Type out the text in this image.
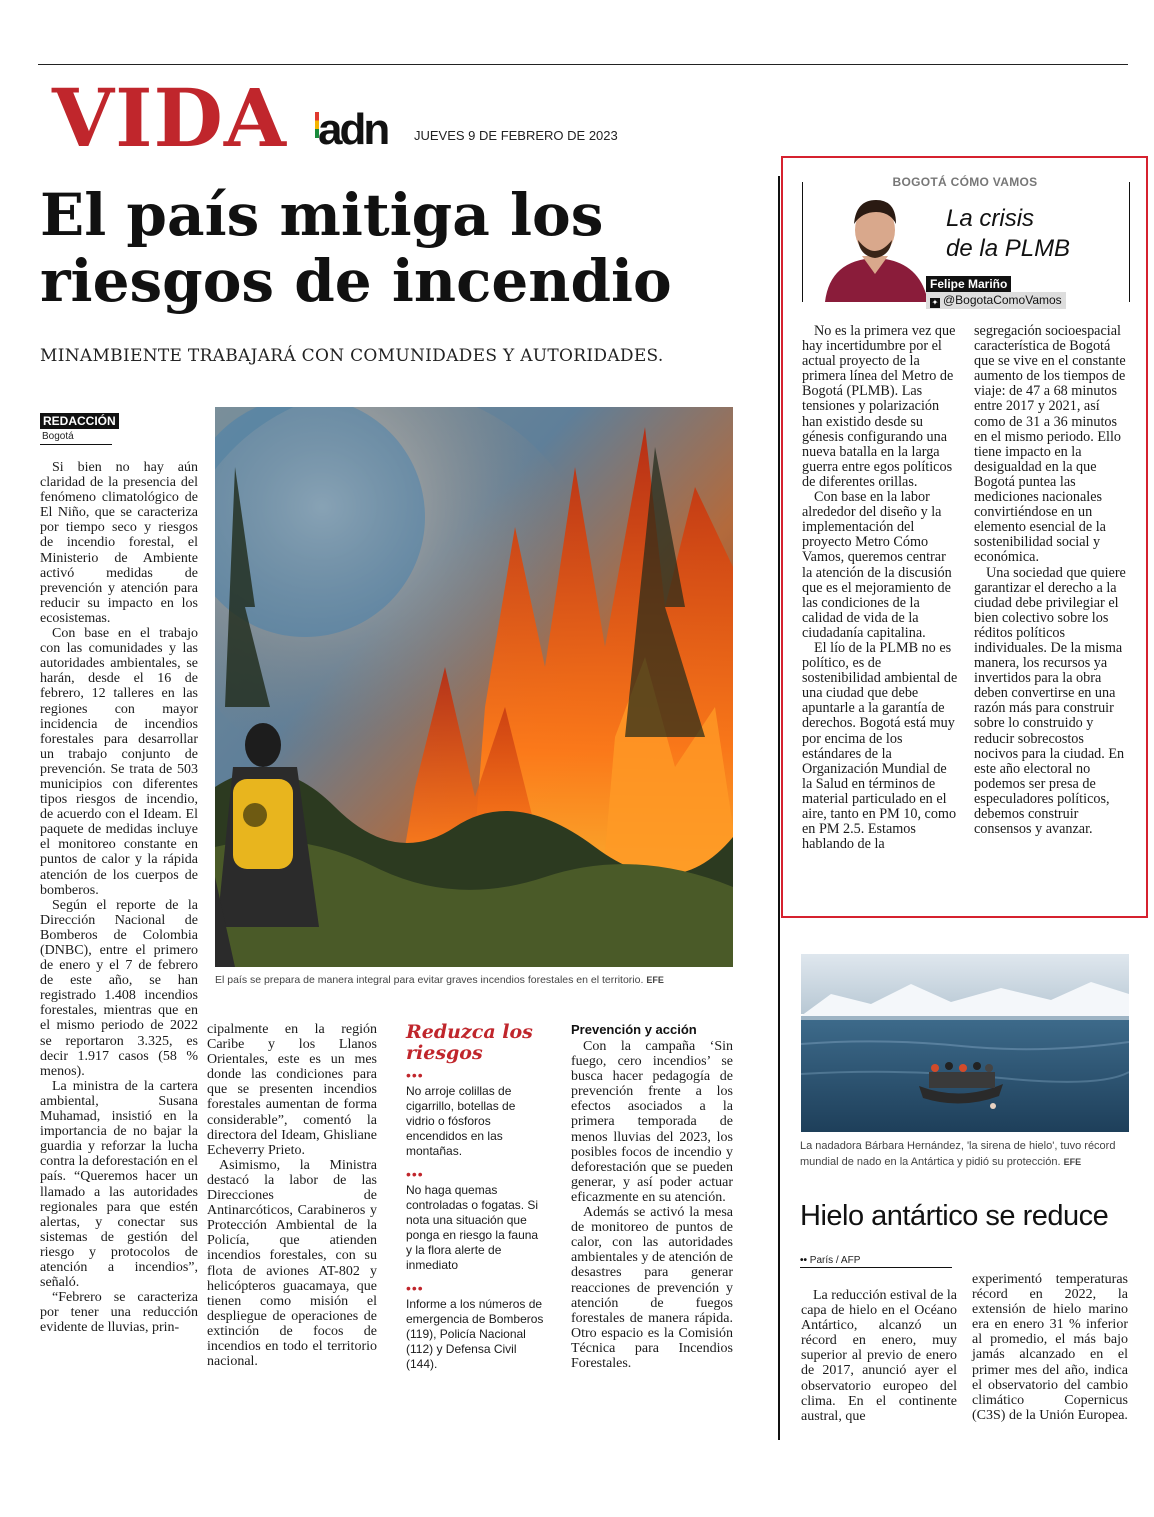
VIDA adn JUEVES 9 DE FEBRERO DE 2023
El país mitiga los riesgos de incendio
MINAMBIENTE TRABAJARÁ CON COMUNIDADES Y AUTORIDADES.
REDACCIÓN
Bogotá

Si bien no hay aún claridad de la presencia del fenómeno climatológico de El Niño, que se caracteriza por tiempo seco y riesgos de incendio forestal, el Ministerio de Ambiente activó medidas de prevención y atención para reducir su impacto en los ecosistemas.

Con base en el trabajo con las comunidades y las autoridades ambientales, se harán, desde el 16 de febrero, 12 talleres en las regiones con mayor incidencia de incendios forestales para desarrollar un trabajo conjunto de prevención. Se trata de 503 municipios con diferentes tipos riesgos de incendio, de acuerdo con el Ideam. El paquete de medidas incluye el monitoreo constante en puntos de calor y la rápida atención de los cuerpos de bomberos.

Según el reporte de la Dirección Nacional de Bomberos de Colombia (DNBC), entre el primero de enero y el 7 de febrero de este año, se han registrado 1.408 incendios forestales, mientras que en el mismo periodo de 2022 se reportaron 3.325, es decir 1.917 casos (58 % menos).

La ministra de la cartera ambiental, Susana Muhamad, insistió en la importancia de no bajar la guardia y reforzar la lucha contra la deforestación en el país. “Queremos hacer un llamado a las autoridades regionales para que estén alertas, y conectar sus sistemas de gestión del riesgo y protocolos de atención a incendios”, señaló.

“Febrero se caracteriza por tener una reducción evidente de lluvias, prin-

El país se prepara de manera integral para evitar graves incendios forestales en el territorio. EFE

cipalmente en la región Caribe y los Llanos Orientales, este es un mes donde las condiciones para que se presenten incendios forestales aumentan de forma considerable”, comentó la directora del Ideam, Ghisliane Echeverry Prieto.

Asimismo, la Ministra destacó la labor de las Direcciones de Antinarcóticos, Carabineros y Protección Ambiental de la Policía, que atienden incendios forestales, con su flota de aviones AT-802 y helicópteros guacamaya, que tienen como misión el despliegue de operaciones de extinción de focos de incendios en todo el territorio nacional.

Reduzca los riesgos
•••
No arroje colillas de cigarrillo, botellas de vidrio o fósforos encendidos en las montañas.
•••
No haga quemas controladas o fogatas. Si nota una situación que ponga en riesgo la fauna y la flora alerte de inmediato
•••
Informe a los números de emergencia de Bomberos (119), Policía Nacional (112) y Defensa Civil (144).
Prevención y acción

Con la campaña ‘Sin fuego, cero incendios’ se busca hacer pedagogía de prevención frente a los efectos asociados a la primera temporada de menos lluvias del 2023, los posibles focos de incendio y deforestación que se pueden generar, y así poder actuar eficazmente en su atención.

Además se activó la mesa de monitoreo de puntos de calor, con las autoridades ambientales y de atención de desastres para generar reacciones de prevención y atención de fuegos forestales de manera rápida. Otro espacio es la Comisión Técnica para Incendios Forestales.

BOGOTÁ CÓMO VAMOS
La crisis
de la PLMB
Felipe Mariño
✦ @BogotaComoVamos

No es la primera vez que hay incertidumbre por el actual proyecto de la primera línea del Metro de Bogotá (PLMB). Las tensiones y polarización han existido desde su génesis configurando una nueva batalla en la larga guerra entre egos políticos de diferentes orillas.

Con base en la labor alrededor del diseño y la implementación del proyecto Metro Cómo Vamos, queremos centrar la atención de la discusión que es el mejoramiento de las condiciones de la calidad de vida de la ciudadanía capitalina.

El lío de la PLMB no es político, es de sostenibilidad ambiental de una ciudad que debe apuntarle a la garantía de derechos. Bogotá está muy por encima de los estándares de la Organización Mundial de la Salud en términos de material particulado en el aire, tanto en PM 10, como en PM 2.5. Estamos hablando de la

segregación socioespacial característica de Bogotá que se vive en el constante aumento de los tiempos de viaje: de 47 a 68 minutos entre 2017 y 2021, así como de 31 a 36 minutos en el mismo periodo. Ello tiene impacto en la desigualdad en la que Bogotá puntea las mediciones nacionales convirtiéndose en un elemento esencial de la sostenibilidad social y económica.

Una sociedad que quiere garantizar el derecho a la ciudad debe privilegiar el bien colectivo sobre los réditos políticos individuales. De la misma manera, los recursos ya invertidos para la obra deben convertirse en una razón más para construir sobre lo construido y reducir sobrecostos nocivos para la ciudad. En este año electoral no podemos ser presa de especuladores políticos, debemos construir consensos y avanzar.

La nadadora Bárbara Hernández, 'la sirena de hielo', tuvo récord mundial de nado en la Antártica y pidió su protección. EFE
Hielo antártico se reduce
•• París / AFP

La reducción estival de la capa de hielo en el Océano Antártico, alcanzó un récord en enero, muy superior al previo de enero de 2017, anunció ayer el observatorio europeo del clima. En el continente austral, que

experimentó temperaturas récord en 2022, la extensión de hielo marino era en enero 31 % inferior al promedio, el más bajo jamás alcanzado en el primer mes del año, indica el observatorio del cambio climático Copernicus (C3S) de la Unión Europea.
